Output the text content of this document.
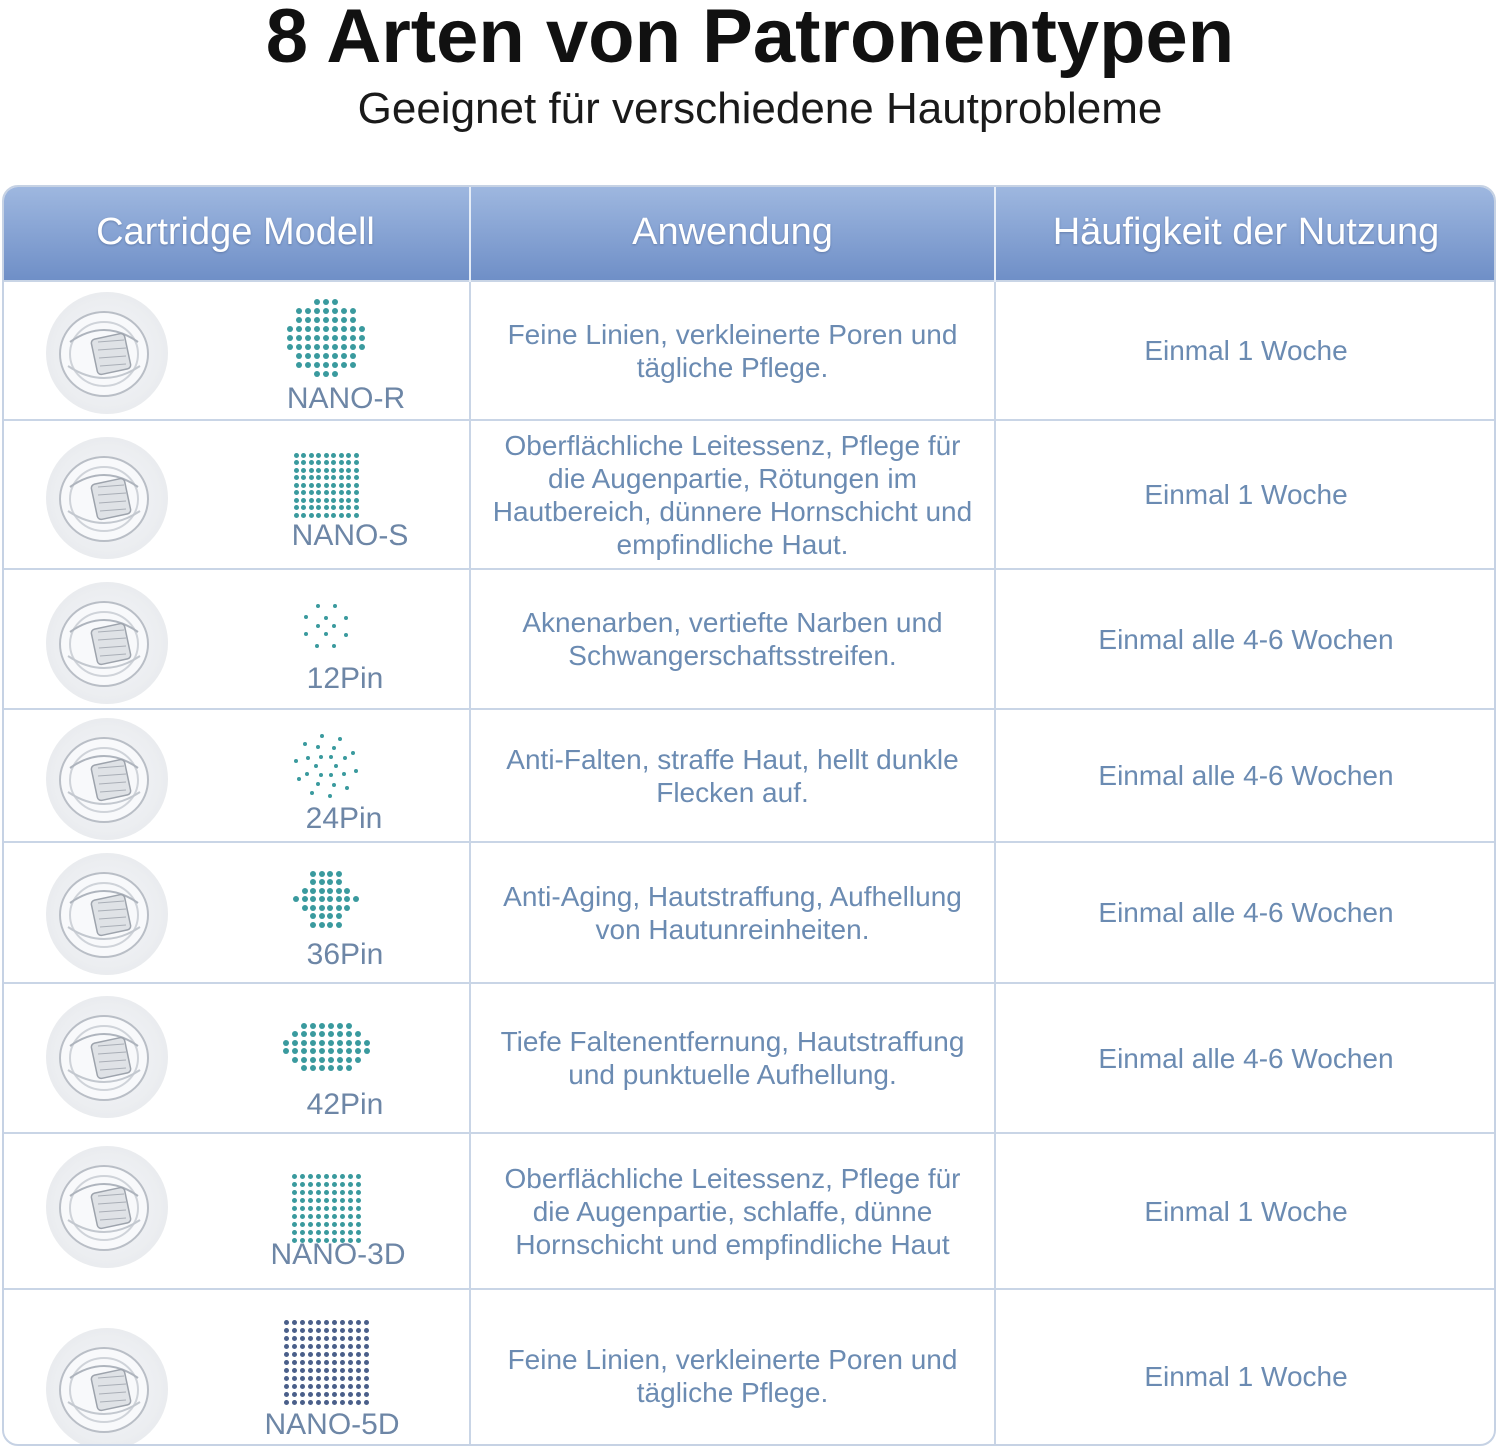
8 Arten von Patronentypen

Geeignet für verschiedene Hautprobleme

Cartridge Modell	Anwendung	Häufigkeit der Nutzung

NANO-R	Feine Linien, verkleinerte Poren und tägliche Pflege.	Einmal 1 Woche

NANO-S	Oberflächliche Leitessenz, Pflege für die Augenpartie, Rötungen im Hautbereich, dünnere Hornschicht und empfindliche Haut.	Einmal 1 Woche

12Pin	Aknenarben, vertiefte Narben und Schwangerschaftsstreifen.	Einmal alle 4-6 Wochen

24Pin	Anti-Falten, straffe Haut, hellt dunkle Flecken auf.	Einmal alle 4-6 Wochen

36Pin	Anti-Aging, Hautstraffung, Aufhellung von Hautunreinheiten.	Einmal alle 4-6 Wochen

42Pin	Tiefe Faltenentfernung, Hautstraffung und punktuelle Aufhellung.	Einmal alle 4-6 Wochen

NANO-3D	Oberflächliche Leitessenz, Pflege für die Augenpartie, schlaffe, dünne Hornschicht und empfindliche Haut	Einmal 1 Woche

NANO-5D	Feine Linien, verkleinerte Poren und tägliche Pflege.	Einmal 1 Woche
